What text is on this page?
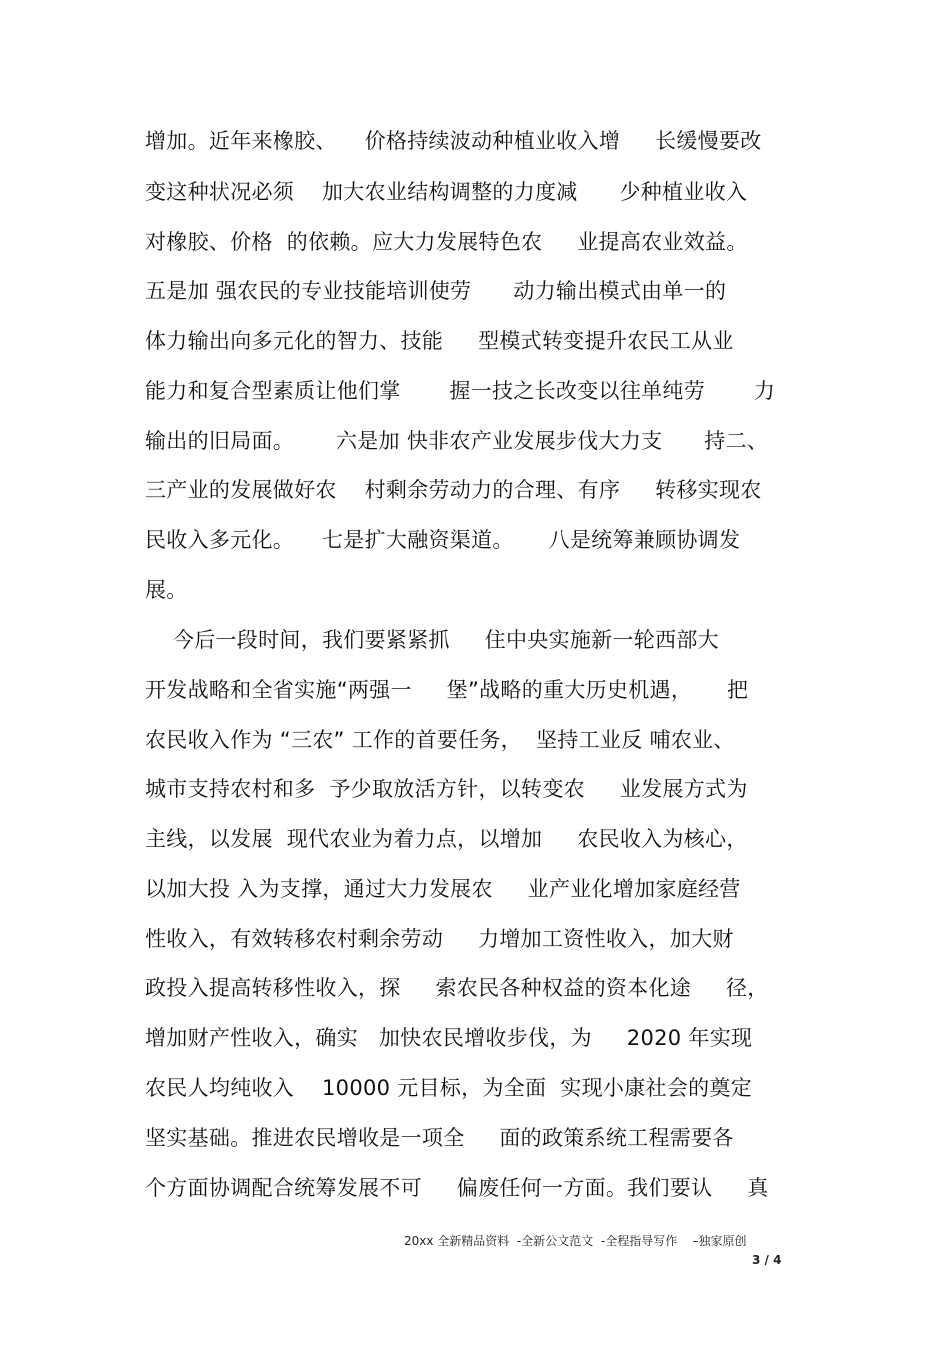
增加。近年来橡胶、    价格持续波动种植业收入增     长缓慢要改
变这种状况必须    加大农业结构调整的力度减      少种植业收入
对橡胶、价格  的依赖。应大力发展特色农     业提高农业效益。
五是加 强农民的专业技能培训使劳      动力输出模式由单一的
体力输出向多元化的智力、技能     型模式转变提升农民工从业
能力和复合型素质让他们掌       握一技之长改变以往单纯劳       力
输出的旧局面。      六是加 快非农产业发展步伐大力支      持二、
三产业的发展做好农    村剩余劳动力的合理、有序     转移实现农
民收入多元化。    七是扩大融资渠道。     八是统筹兼顾协调发
展。
今后一段时间，我们要紧紧抓     住中央实施新一轮西部大
开发战略和全省实施“两强一     堡”战略的重大历史机遇，     把
农民收入作为 “三农” 工作的首要任务，  坚持工业反 哺农业、
城市支持农村和多  予少取放活方针，以转变农     业发展方式为
主线，以发展  现代农业为着力点，以增加     农民收入为核心，
以加大投 入为支撑，通过大力发展农     业产业化增加家庭经营
性收入，有效转移农村剩余劳动     力增加工资性收入，加大财
政投入提高转移性收入，探     索农民各种权益的资本化途     径，
增加财产性收入，确实   加快农民增收步伐，为     2020 年实现
农民人均纯收入    10000 元目标，为全面  实现小康社会的奠定
坚实基础。推进农民增收是一项全     面的政策系统工程需要各
个方面协调配合统筹发展不可     偏废任何一方面。我们要认     真
20xx 全新精品资料  -全新公文范文  -全程指导写作    –独家原创
3 / 4
